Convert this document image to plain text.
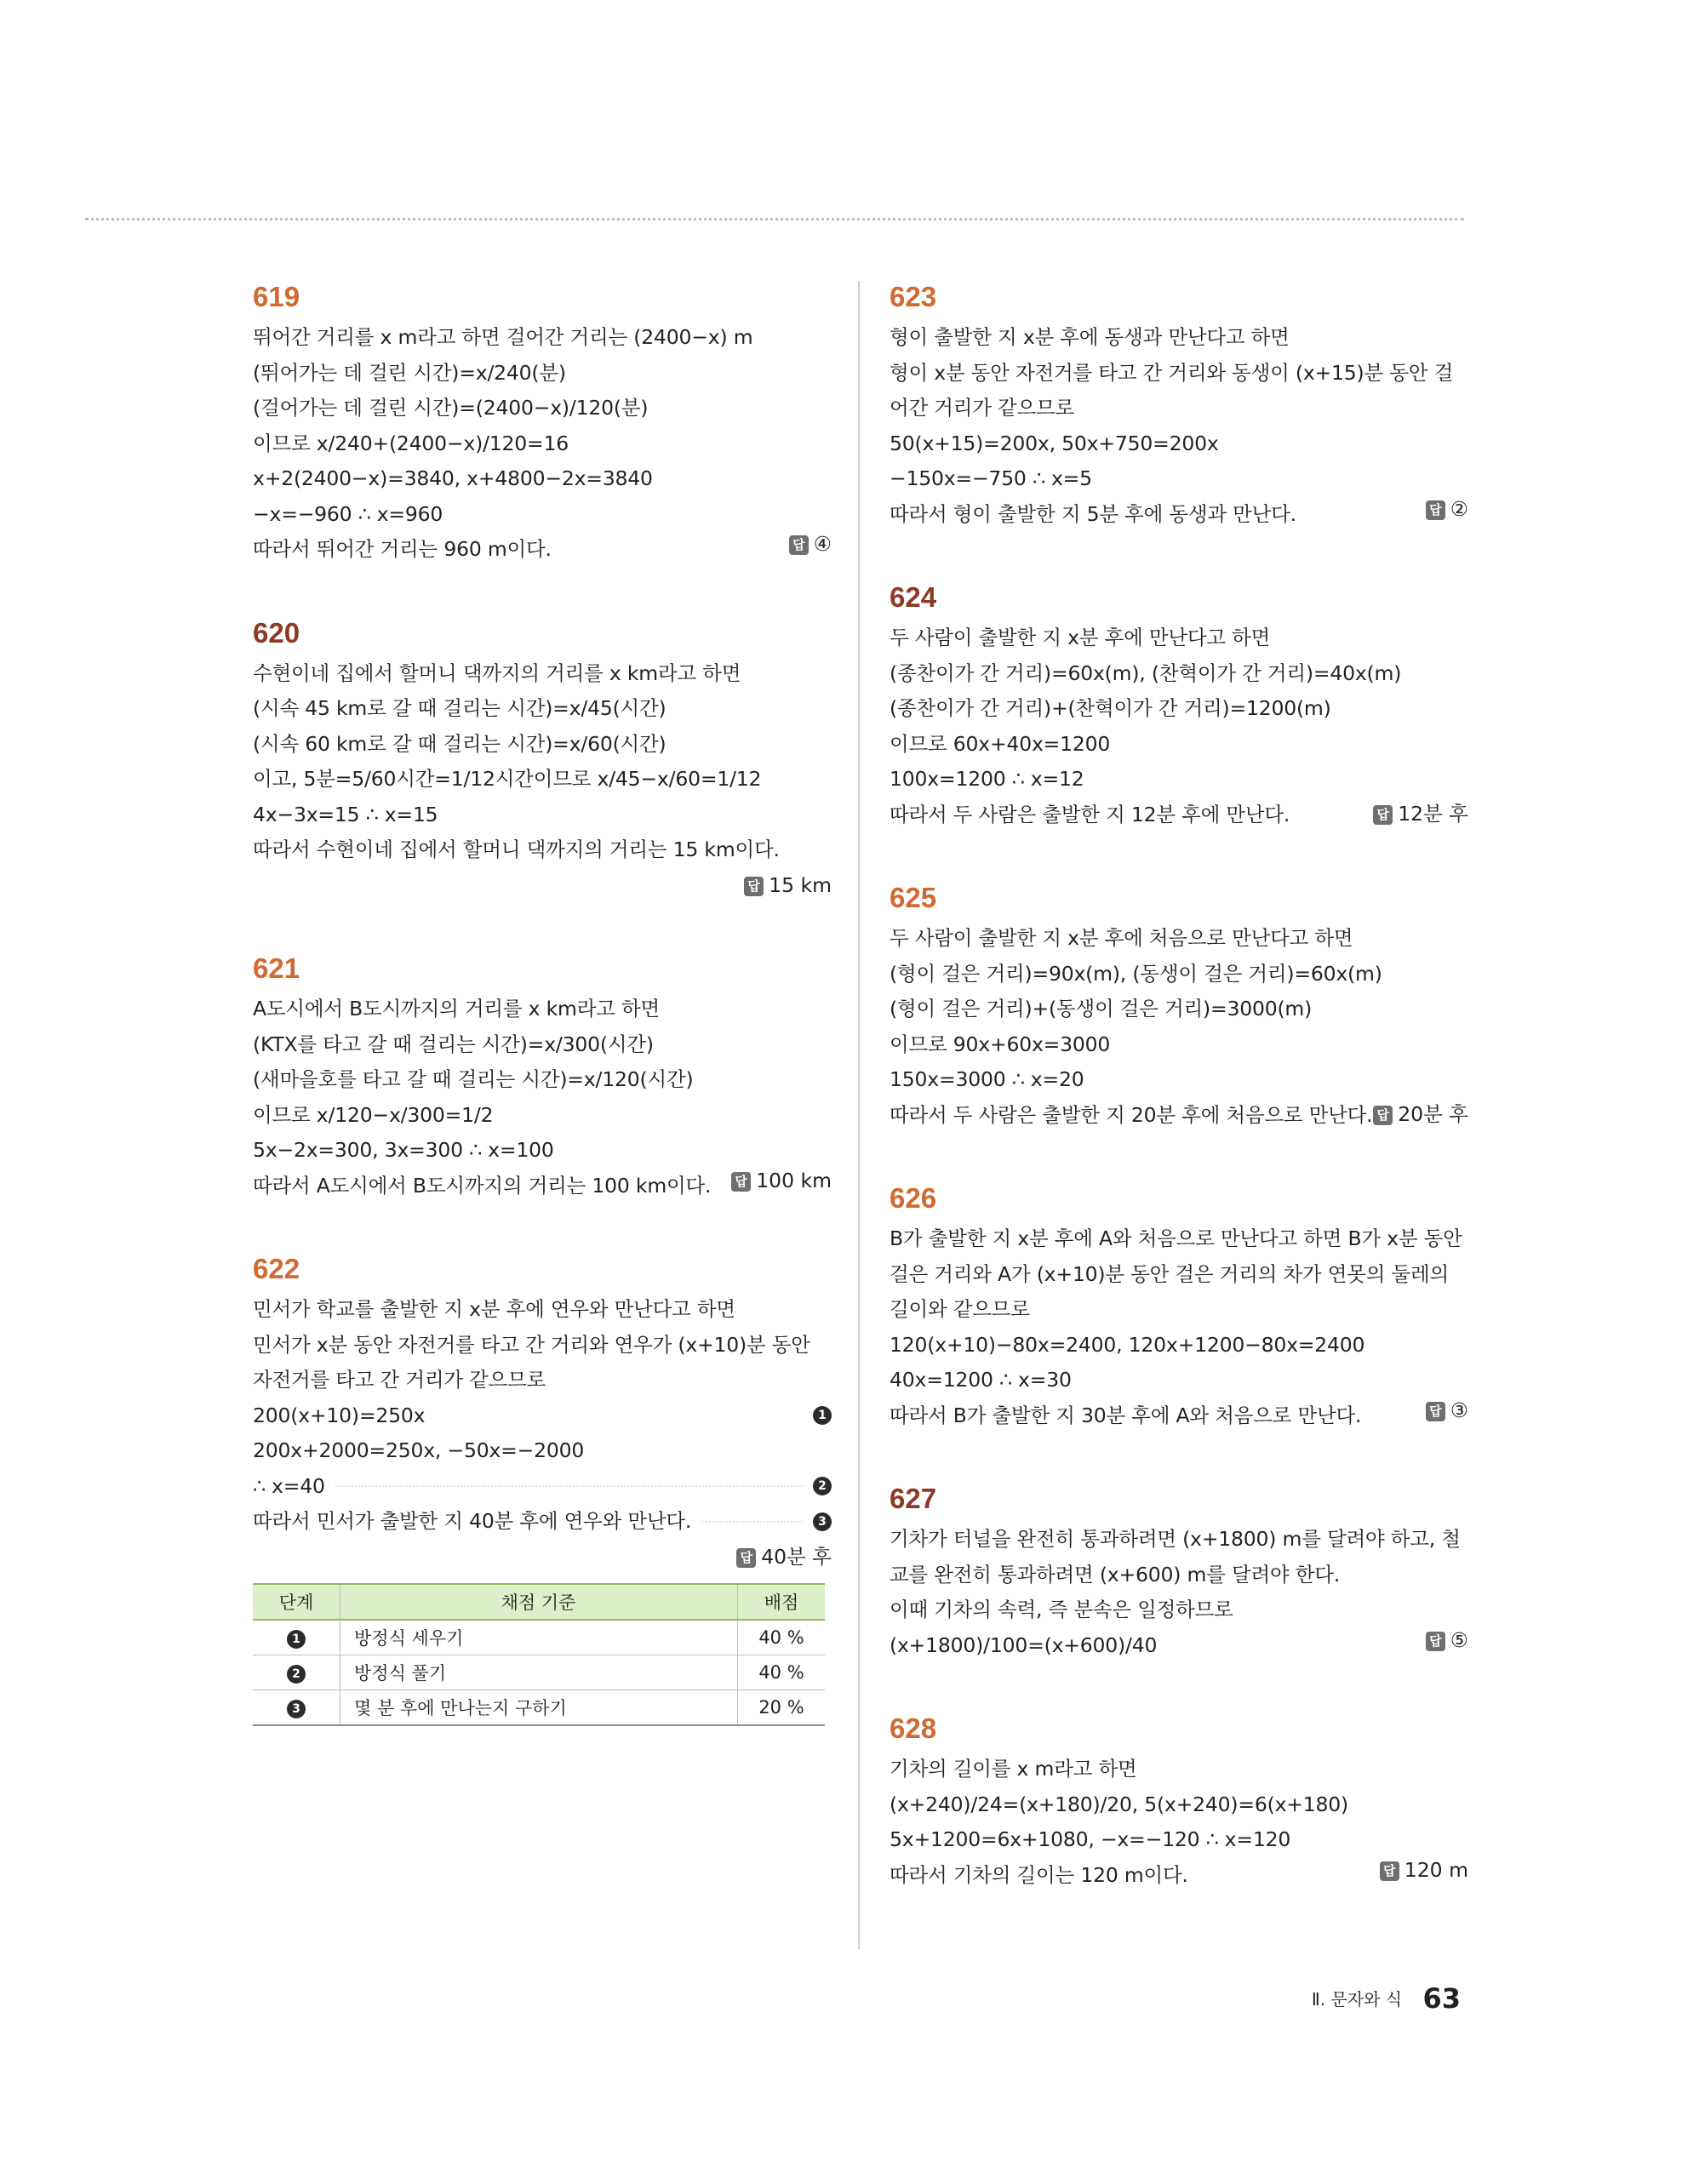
619
뛰어간 거리를 x m라고 하면 걸어간 거리는 (2400−x) m
(뛰어가는 데 걸린 시간)=x/240(분)
(걸어가는 데 걸린 시간)=(2400−x)/120(분)
이므로 x/240+(2400−x)/120=16
x+2(2400−x)=3840, x+4800−2x=3840
−x=−960 ∴ x=960
따라서 뛰어간 거리는 960 m이다.	답 ④
620
수현이네 집에서 할머니 댁까지의 거리를 x km라고 하면
(시속 45 km로 갈 때 걸리는 시간)=x/45(시간)
(시속 60 km로 갈 때 걸리는 시간)=x/60(시간)
이고, 5분=5/60시간=1/12시간이므로 x/45−x/60=1/12
4x−3x=15 ∴ x=15
따라서 수현이네 집에서 할머니 댁까지의 거리는 15 km이다.
답 15 km
621
A도시에서 B도시까지의 거리를 x km라고 하면
(KTX를 타고 갈 때 걸리는 시간)=x/300(시간)
(새마을호를 타고 갈 때 걸리는 시간)=x/120(시간)
이므로 x/120−x/300=1/2
5x−2x=300, 3x=300 ∴ x=100
따라서 A도시에서 B도시까지의 거리는 100 km이다. 답 100 km
622
민서가 학교를 출발한 지 x분 후에 연우와 만난다고 하면
민서가 x분 동안 자전거를 타고 간 거리와 연우가 (x+10)분 동안 자전거를 타고 간 거리가 같으므로
200(x+10)=250x	1
200x+2000=250x, −50x=−2000
∴ x=40	2
따라서 민서가 출발한 지 40분 후에 연우와 만난다.	3
답 40분 후
단계	채점 기준	배점
1	방정식 세우기	40 %
2	방정식 풀기	40 %
3	몇 분 후에 만나는지 구하기	20 %
623
형이 출발한 지 x분 후에 동생과 만난다고 하면
형이 x분 동안 자전거를 타고 간 거리와 동생이 (x+15)분 동안 걸어간 거리가 같으므로
50(x+15)=200x, 50x+750=200x
−150x=−750 ∴ x=5
따라서 형이 출발한 지 5분 후에 동생과 만난다.	답 ②
624
두 사람이 출발한 지 x분 후에 만난다고 하면
(종찬이가 간 거리)=60x(m), (찬혁이가 간 거리)=40x(m)
(종찬이가 간 거리)+(찬혁이가 간 거리)=1200(m)
이므로 60x+40x=1200
100x=1200 ∴ x=12
따라서 두 사람은 출발한 지 12분 후에 만난다.	답 12분 후
625
두 사람이 출발한 지 x분 후에 처음으로 만난다고 하면
(형이 걸은 거리)=90x(m), (동생이 걸은 거리)=60x(m)
(형이 걸은 거리)+(동생이 걸은 거리)=3000(m)
이므로 90x+60x=3000
150x=3000 ∴ x=20
따라서 두 사람은 출발한 지 20분 후에 처음으로 만난다. 답 20분 후
626
B가 출발한 지 x분 후에 A와 처음으로 만난다고 하면 B가 x분 동안 걸은 거리와 A가 (x+10)분 동안 걸은 거리의 차가 연못의 둘레의 길이와 같으므로
120(x+10)−80x=2400, 120x+1200−80x=2400
40x=1200 ∴ x=30
따라서 B가 출발한 지 30분 후에 A와 처음으로 만난다.	답 ③
627
기차가 터널을 완전히 통과하려면 (x+1800) m를 달려야 하고, 철교를 완전히 통과하려면 (x+600) m를 달려야 한다.
이때 기차의 속력, 즉 분속은 일정하므로
(x+1800)/100=(x+600)/40	답 ⑤
628
기차의 길이를 x m라고 하면
(x+240)/24=(x+180)/20, 5(x+240)=6(x+180)
5x+1200=6x+1080, −x=−120 ∴ x=120
따라서 기차의 길이는 120 m이다.	답 120 m
Ⅱ. 문자와 식 63
